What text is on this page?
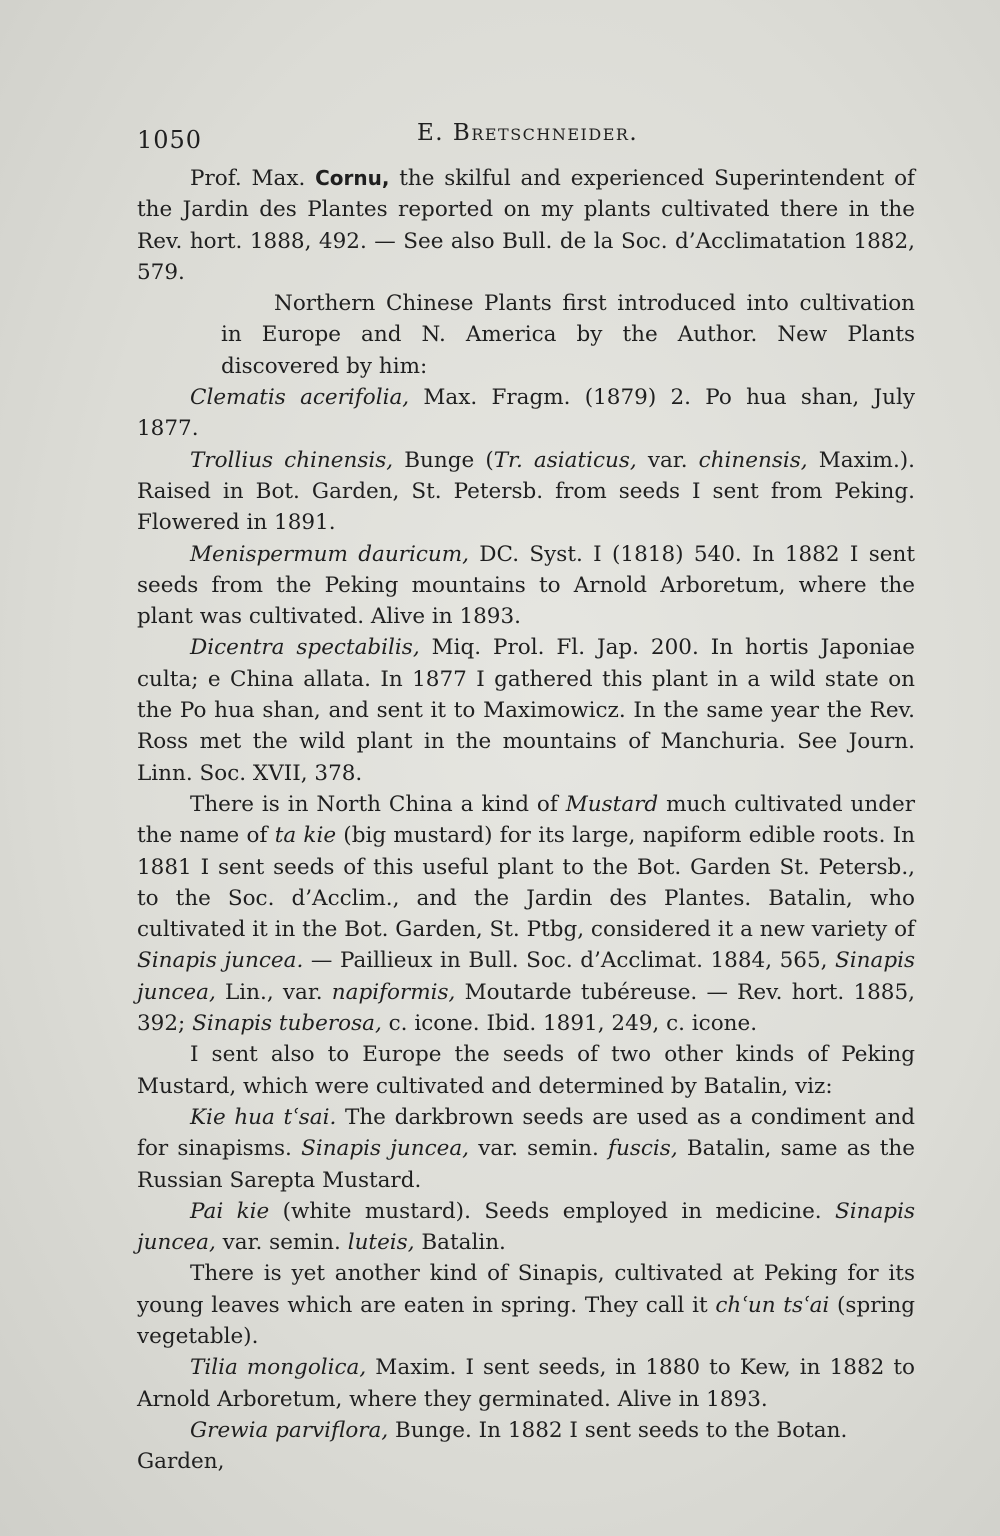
1050	E. Bretschneider.

Prof. Max. Cornu, the skilful and experienced Superintendent of the Jardin des Plantes reported on my plants cultivated there in the Rev. hort. 1888, 492. — See also Bull. de la Soc. d’Acclimatation 1882, 579.

Northern Chinese Plants first introduced into cultivation in Europe and N. America by the Author. New Plants discovered by him:

Clematis acerifolia, Max. Fragm. (1879) 2. Po hua shan, July 1877.

Trollius chinensis, Bunge (Tr. asiaticus, var. chinensis, Maxim.). Raised in Bot. Garden, St. Petersb. from seeds I sent from Peking. Flowered in 1891.

Menispermum dauricum, DC. Syst. I (1818) 540. In 1882 I sent seeds from the Peking mountains to Arnold Arboretum, where the plant was cultivated. Alive in 1893.

Dicentra spectabilis, Miq. Prol. Fl. Jap. 200. In hortis Japoniae culta; e China allata. In 1877 I gathered this plant in a wild state on the Po hua shan, and sent it to Maximowicz. In the same year the Rev. Ross met the wild plant in the mountains of Manchuria. See Journ. Linn. Soc. XVII, 378.

There is in North China a kind of Mustard much cultivated under the name of ta kie (big mustard) for its large, napiform edible roots. In 1881 I sent seeds of this useful plant to the Bot. Garden St. Petersb., to the Soc. d’Acclim., and the Jardin des Plantes. Batalin, who cultivated it in the Bot. Garden, St. Ptbg, considered it a new variety of Sinapis juncea. — Paillieux in Bull. Soc. d’Acclimat. 1884, 565, Sinapis juncea, Lin., var. napiformis, Moutarde tubéreuse. — Rev. hort. 1885, 392; Sinapis tuberosa, c. icone. Ibid. 1891, 249, c. icone.

I sent also to Europe the seeds of two other kinds of Peking Mustard, which were cultivated and determined by Batalin, viz:

Kie hua tʿsai. The darkbrown seeds are used as a condiment and for sinapisms. Sinapis juncea, var. semin. fuscis, Batalin, same as the Russian Sarepta Mustard.

Pai kie (white mustard). Seeds employed in medicine. Sinapis juncea, var. semin. luteis, Batalin.

There is yet another kind of Sinapis, cultivated at Peking for its young leaves which are eaten in spring. They call it chʿun tsʿai (spring vegetable).

Tilia mongolica, Maxim. I sent seeds, in 1880 to Kew, in 1882 to Arnold Arboretum, where they germinated. Alive in 1893.

Grewia parviflora, Bunge. In 1882 I sent seeds to the Botan. Garden,
